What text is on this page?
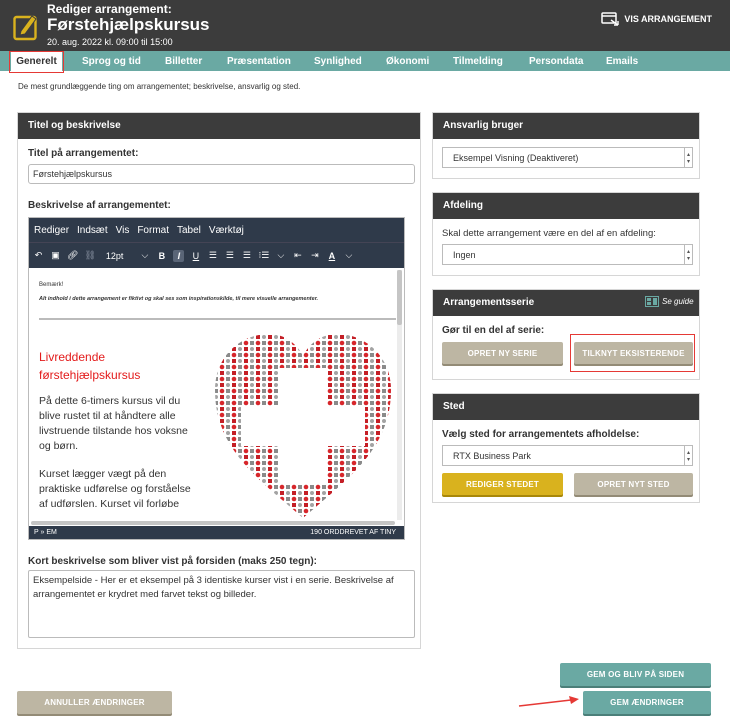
Rediger arrangement:
Førstehjælpskursus
20. aug. 2022 kl. 09:00 til 15:00
VIS ARRANGEMENT
Generelt	Sprog og tid Billetter Præsentation Synlighed Økonomi Tilmelding	Persondata Emails
De mest grundlæggende ting om arrangementet; beskrivelse, ansvarlig og sted.
Titel og beskrivelse
Titel på arrangementet:
Førstehjælpskursus
Beskrivelse af arrangementet:
Rediger Indsæt Vis Format Tabel Værktøj
↶ ▣ 🔗︎ ⛓︎ 12pt ⌵ B	I	U ☰ ☰ ☰ ⁝☰ ⌵ ⇤ ⇥ A ⌵
Bemærk!
Alt indhold i dette arrangement er fiktivt og skal ses som inspirationskilde, til mere visuelle arrangementer.
Livreddende førstehjælpskursus
På dette 6-timers kursus vil du blive rustet til at håndtere alle livstruende tilstande hos voksne og børn.
Kurset lægger vægt på den praktiske udførelse og forståelse af udførslen. Kurset vil forløbe
P » EM	190 ORDDREVET AF TINY
Kort beskrivelse som bliver vist på forsiden (maks 250 tegn):
Eksempelside - Her er et eksempel på 3 identiske kurser vist i en serie. Beskrivelse af arrangementet er krydret med farvet tekst og billeder.
Ansvarlig bruger
Eksempel Visning (Deaktiveret)	▴
▾
Afdeling
Skal dette arrangement være en del af en afdeling:
Ingen	▴
▾
Arrangementsserie	Se guide
Gør til en del af serie:
OPRET NY SERIE	TILKNYT EKSISTERENDE
Sted
Vælg sted for arrangementets afholdelse:
RTX Business Park	▴
▾
REDIGER STEDET	OPRET NYT STED
ANNULLER ÆNDRINGER
GEM OG BLIV PÅ SIDEN
GEM ÆNDRINGER
